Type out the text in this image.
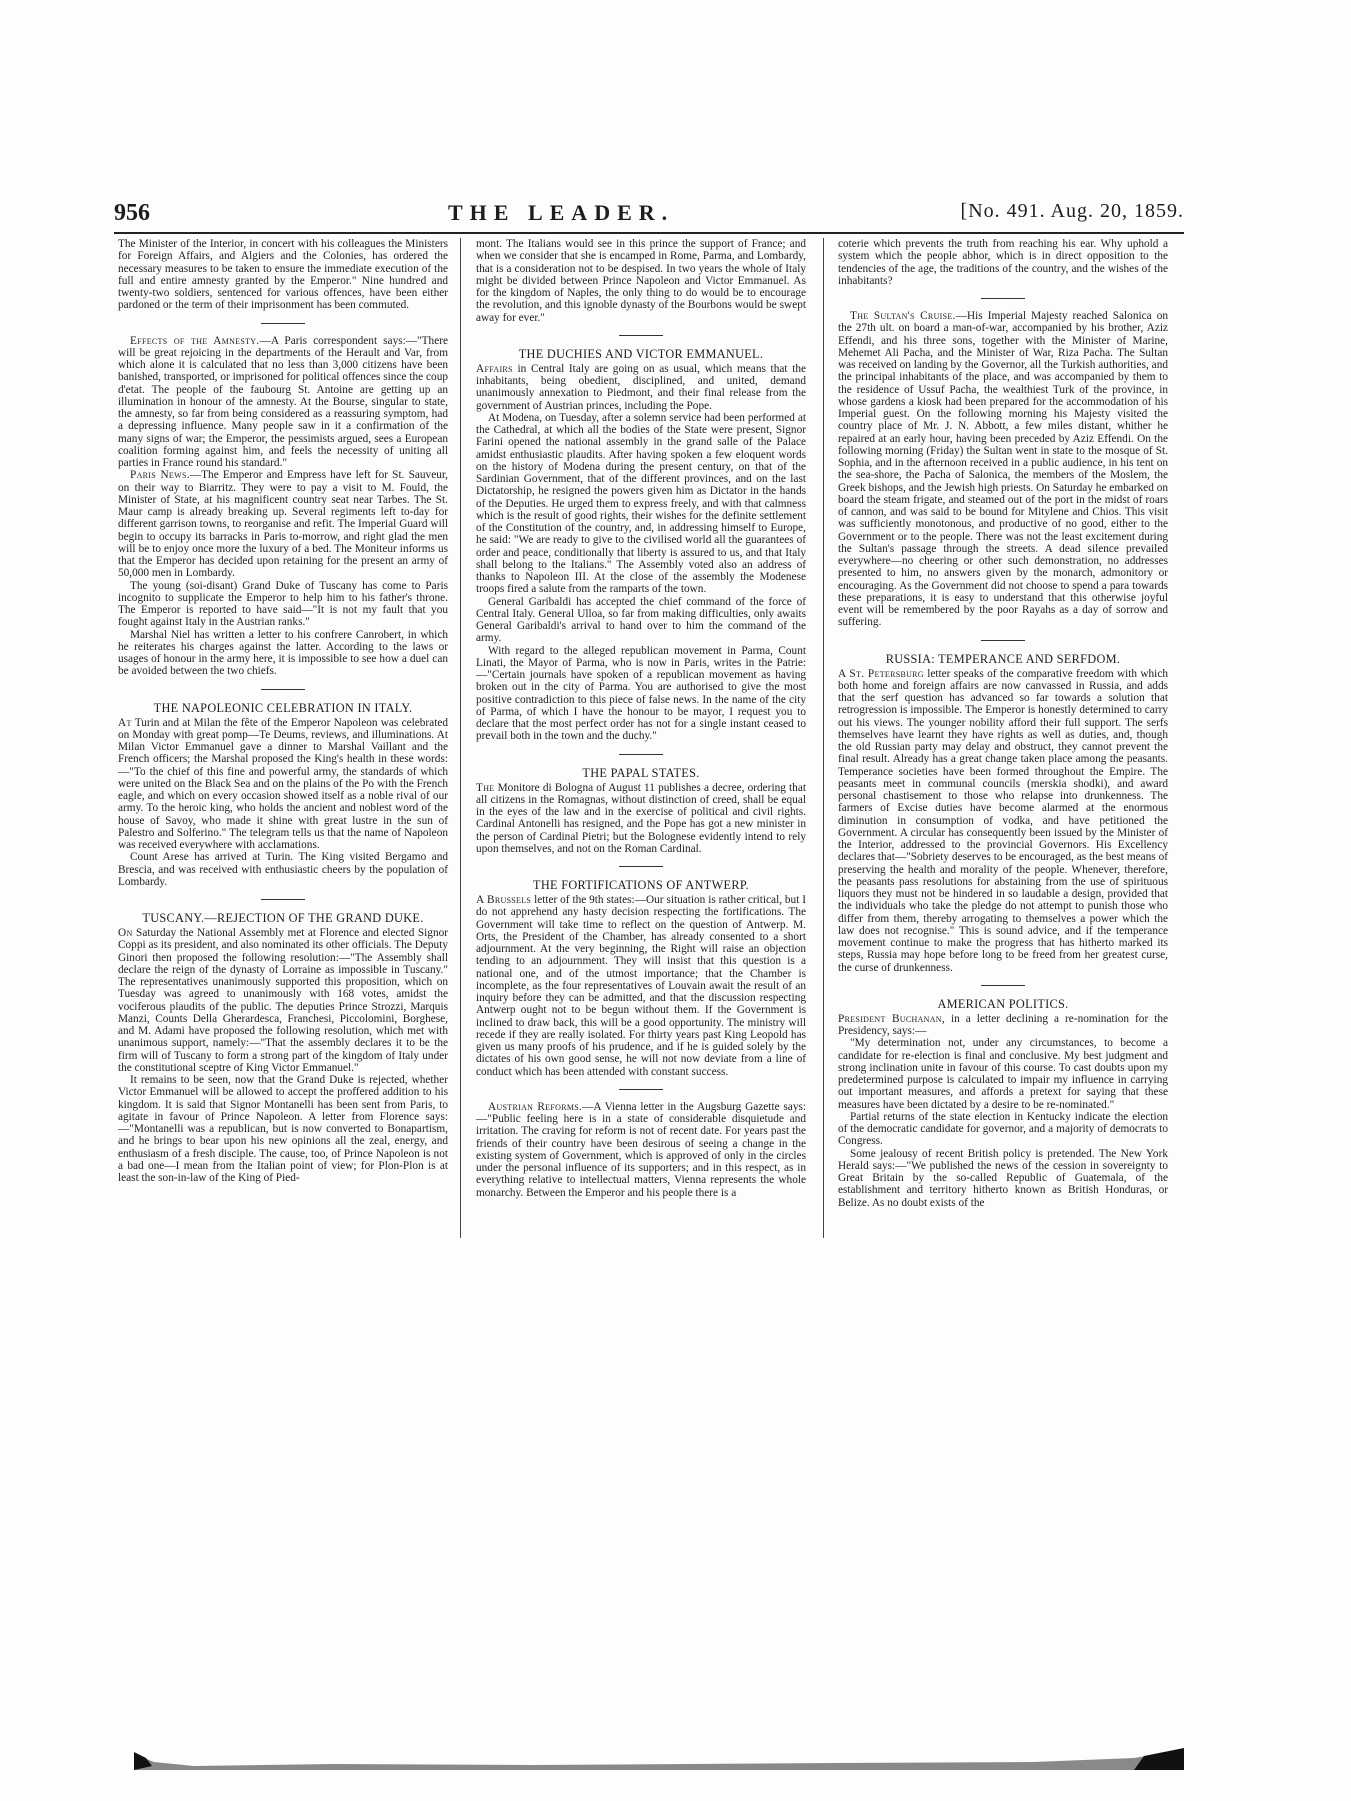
956	THE LEADER.	[No. 491. Aug. 20, 1859.

The Minister of the Interior, in concert with his colleagues the Ministers for Foreign Affairs, and Algiers and the Colonies, has ordered the necessary measures to be taken to ensure the immediate execution of the full and entire amnesty granted by the Emperor." Nine hundred and twenty-two soldiers, sentenced for various offences, have been either pardoned or the term of their imprisonment has been commuted.

Effects of the Amnesty.—A Paris correspondent says:—"There will be great rejoicing in the departments of the Herault and Var, from which alone it is calculated that no less than 3,000 citizens have been banished, transported, or imprisoned for political offences since the coup d'etat. The people of the faubourg St. Antoine are getting up an illumination in honour of the amnesty. At the Bourse, singular to state, the amnesty, so far from being considered as a reassuring symptom, had a depressing influence. Many people saw in it a confirmation of the many signs of war; the Emperor, the pessimists argued, sees a European coalition forming against him, and feels the necessity of uniting all parties in France round his standard."

Paris News.—The Emperor and Empress have left for St. Sauveur, on their way to Biarritz. They were to pay a visit to M. Fould, the Minister of State, at his magnificent country seat near Tarbes. The St. Maur camp is already breaking up. Several regiments left to-day for different garrison towns, to reorganise and refit. The Imperial Guard will begin to occupy its barracks in Paris to-morrow, and right glad the men will be to enjoy once more the luxury of a bed. The Moniteur informs us that the Emperor has decided upon retaining for the present an army of 50,000 men in Lombardy.

The young (soi-disant) Grand Duke of Tuscany has come to Paris incognito to supplicate the Emperor to help him to his father's throne. The Emperor is reported to have said—"It is not my fault that you fought against Italy in the Austrian ranks."

Marshal Niel has written a letter to his confrere Canrobert, in which he reiterates his charges against the latter. According to the laws or usages of honour in the army here, it is impossible to see how a duel can be avoided between the two chiefs.

THE NAPOLEONIC CELEBRATION IN ITALY.

At Turin and at Milan the fête of the Emperor Napoleon was celebrated on Monday with great pomp—Te Deums, reviews, and illuminations. At Milan Victor Emmanuel gave a dinner to Marshal Vaillant and the French officers; the Marshal proposed the King's health in these words:—"To the chief of this fine and powerful army, the standards of which were united on the Black Sea and on the plains of the Po with the French eagle, and which on every occasion showed itself as a noble rival of our army. To the heroic king, who holds the ancient and noblest word of the house of Savoy, who made it shine with great lustre in the sun of Palestro and Solferino." The telegram tells us that the name of Napoleon was received everywhere with acclamations.

Count Arese has arrived at Turin. The King visited Bergamo and Brescia, and was received with enthusiastic cheers by the population of Lombardy.

TUSCANY.—REJECTION OF THE GRAND DUKE.

On Saturday the National Assembly met at Florence and elected Signor Coppi as its president, and also nominated its other officials. The Deputy Ginori then proposed the following resolution:—"The Assembly shall declare the reign of the dynasty of Lorraine as impossible in Tuscany." The representatives unanimously supported this proposition, which on Tuesday was agreed to unanimously with 168 votes, amidst the vociferous plaudits of the public. The deputies Prince Strozzi, Marquis Manzi, Counts Della Gherardesca, Franchesi, Piccolomini, Borghese, and M. Adami have proposed the following resolution, which met with unanimous support, namely:—"That the assembly declares it to be the firm will of Tuscany to form a strong part of the kingdom of Italy under the constitutional sceptre of King Victor Emmanuel."

It remains to be seen, now that the Grand Duke is rejected, whether Victor Emmanuel will be allowed to accept the proffered addition to his kingdom. It is said that Signor Montanelli has been sent from Paris, to agitate in favour of Prince Napoleon. A letter from Florence says:—"Montanelli was a republican, but is now converted to Bonapartism, and he brings to bear upon his new opinions all the zeal, energy, and enthusiasm of a fresh disciple. The cause, too, of Prince Napoleon is not a bad one—I mean from the Italian point of view; for Plon-Plon is at least the son-in-law of the King of Pied-

mont. The Italians would see in this prince the support of France; and when we consider that she is encamped in Rome, Parma, and Lombardy, that is a consideration not to be despised. In two years the whole of Italy might be divided between Prince Napoleon and Victor Emmanuel. As for the kingdom of Naples, the only thing to do would be to encourage the revolution, and this ignoble dynasty of the Bourbons would be swept away for ever."

THE DUCHIES AND VICTOR EMMANUEL.

Affairs in Central Italy are going on as usual, which means that the inhabitants, being obedient, disciplined, and united, demand unanimously annexation to Piedmont, and their final release from the government of Austrian princes, including the Pope.

At Modena, on Tuesday, after a solemn service had been performed at the Cathedral, at which all the bodies of the State were present, Signor Farini opened the national assembly in the grand salle of the Palace amidst enthusiastic plaudits. After having spoken a few eloquent words on the history of Modena during the present century, on that of the Sardinian Government, that of the different provinces, and on the last Dictatorship, he resigned the powers given him as Dictator in the hands of the Deputies. He urged them to express freely, and with that calmness which is the result of good rights, their wishes for the definite settlement of the Constitution of the country, and, in addressing himself to Europe, he said: "We are ready to give to the civilised world all the guarantees of order and peace, conditionally that liberty is assured to us, and that Italy shall belong to the Italians." The Assembly voted also an address of thanks to Napoleon III. At the close of the assembly the Modenese troops fired a salute from the ramparts of the town.

General Garibaldi has accepted the chief command of the force of Central Italy. General Ulloa, so far from making difficulties, only awaits General Garibaldi's arrival to hand over to him the command of the army.

With regard to the alleged republican movement in Parma, Count Linati, the Mayor of Parma, who is now in Paris, writes in the Patrie:—"Certain journals have spoken of a republican movement as having broken out in the city of Parma. You are authorised to give the most positive contradiction to this piece of false news. In the name of the city of Parma, of which I have the honour to be mayor, I request you to declare that the most perfect order has not for a single instant ceased to prevail both in the town and the duchy."

THE PAPAL STATES.

The Monitore di Bologna of August 11 publishes a decree, ordering that all citizens in the Romagnas, without distinction of creed, shall be equal in the eyes of the law and in the exercise of political and civil rights. Cardinal Antonelli has resigned, and the Pope has got a new minister in the person of Cardinal Pietri; but the Bolognese evidently intend to rely upon themselves, and not on the Roman Cardinal.

THE FORTIFICATIONS OF ANTWERP.

A Brussels letter of the 9th states:—Our situation is rather critical, but I do not apprehend any hasty decision respecting the fortifications. The Government will take time to reflect on the question of Antwerp. M. Orts, the President of the Chamber, has already consented to a short adjournment. At the very beginning, the Right will raise an objection tending to an adjournment. They will insist that this question is a national one, and of the utmost importance; that the Chamber is incomplete, as the four representatives of Louvain await the result of an inquiry before they can be admitted, and that the discussion respecting Antwerp ought not to be begun without them. If the Government is inclined to draw back, this will be a good opportunity. The ministry will recede if they are really isolated. For thirty years past King Leopold has given us many proofs of his prudence, and if he is guided solely by the dictates of his own good sense, he will not now deviate from a line of conduct which has been attended with constant success.

Austrian Reforms.—A Vienna letter in the Augsburg Gazette says:—"Public feeling here is in a state of considerable disquietude and irritation. The craving for reform is not of recent date. For years past the friends of their country have been desirous of seeing a change in the existing system of Government, which is approved of only in the circles under the personal influence of its supporters; and in this respect, as in everything relative to intellectual matters, Vienna represents the whole monarchy. Between the Emperor and his people there is a

coterie which prevents the truth from reaching his ear. Why uphold a system which the people abhor, which is in direct opposition to the tendencies of the age, the traditions of the country, and the wishes of the inhabitants?

The Sultan's Cruise.—His Imperial Majesty reached Salonica on the 27th ult. on board a man-of-war, accompanied by his brother, Aziz Effendi, and his three sons, together with the Minister of Marine, Mehemet Ali Pacha, and the Minister of War, Riza Pacha. The Sultan was received on landing by the Governor, all the Turkish authorities, and the principal inhabitants of the place, and was accompanied by them to the residence of Ussuf Pacha, the wealthiest Turk of the province, in whose gardens a kiosk had been prepared for the accommodation of his Imperial guest. On the following morning his Majesty visited the country place of Mr. J. N. Abbott, a few miles distant, whither he repaired at an early hour, having been preceded by Aziz Effendi. On the following morning (Friday) the Sultan went in state to the mosque of St. Sophia, and in the afternoon received in a public audience, in his tent on the sea-shore, the Pacha of Salonica, the members of the Moslem, the Greek bishops, and the Jewish high priests. On Saturday he embarked on board the steam frigate, and steamed out of the port in the midst of roars of cannon, and was said to be bound for Mitylene and Chios. This visit was sufficiently monotonous, and productive of no good, either to the Government or to the people. There was not the least excitement during the Sultan's passage through the streets. A dead silence prevailed everywhere—no cheering or other such demonstration, no addresses presented to him, no answers given by the monarch, admonitory or encouraging. As the Government did not choose to spend a para towards these preparations, it is easy to understand that this otherwise joyful event will be remembered by the poor Rayahs as a day of sorrow and suffering.

RUSSIA: TEMPERANCE AND SERFDOM.

A St. Petersburg letter speaks of the comparative freedom with which both home and foreign affairs are now canvassed in Russia, and adds that the serf question has advanced so far towards a solution that retrogression is impossible. The Emperor is honestly determined to carry out his views. The younger nobility afford their full support. The serfs themselves have learnt they have rights as well as duties, and, though the old Russian party may delay and obstruct, they cannot prevent the final result. Already has a great change taken place among the peasants. Temperance societies have been formed throughout the Empire. The peasants meet in communal councils (merskia shodki), and award personal chastisement to those who relapse into drunkenness. The farmers of Excise duties have become alarmed at the enormous diminution in consumption of vodka, and have petitioned the Government. A circular has consequently been issued by the Minister of the Interior, addressed to the provincial Governors. His Excellency declares that—"Sobriety deserves to be encouraged, as the best means of preserving the health and morality of the people. Whenever, therefore, the peasants pass resolutions for abstaining from the use of spirituous liquors they must not be hindered in so laudable a design, provided that the individuals who take the pledge do not attempt to punish those who differ from them, thereby arrogating to themselves a power which the law does not recognise." This is sound advice, and if the temperance movement continue to make the progress that has hitherto marked its steps, Russia may hope before long to be freed from her greatest curse, the curse of drunkenness.

AMERICAN POLITICS.

President Buchanan, in a letter declining a re-nomination for the Presidency, says:—

"My determination not, under any circumstances, to become a candidate for re-election is final and conclusive. My best judgment and strong inclination unite in favour of this course. To cast doubts upon my predetermined purpose is calculated to impair my influence in carrying out important measures, and affords a pretext for saying that these measures have been dictated by a desire to be re-nominated."

Partial returns of the state election in Kentucky indicate the election of the democratic candidate for governor, and a majority of democrats to Congress.

Some jealousy of recent British policy is pretended. The New York Herald says:—"We published the news of the cession in sovereignty to Great Britain by the so-called Republic of Guatemala, of the establishment and territory hitherto known as British Honduras, or Belize. As no doubt exists of the
